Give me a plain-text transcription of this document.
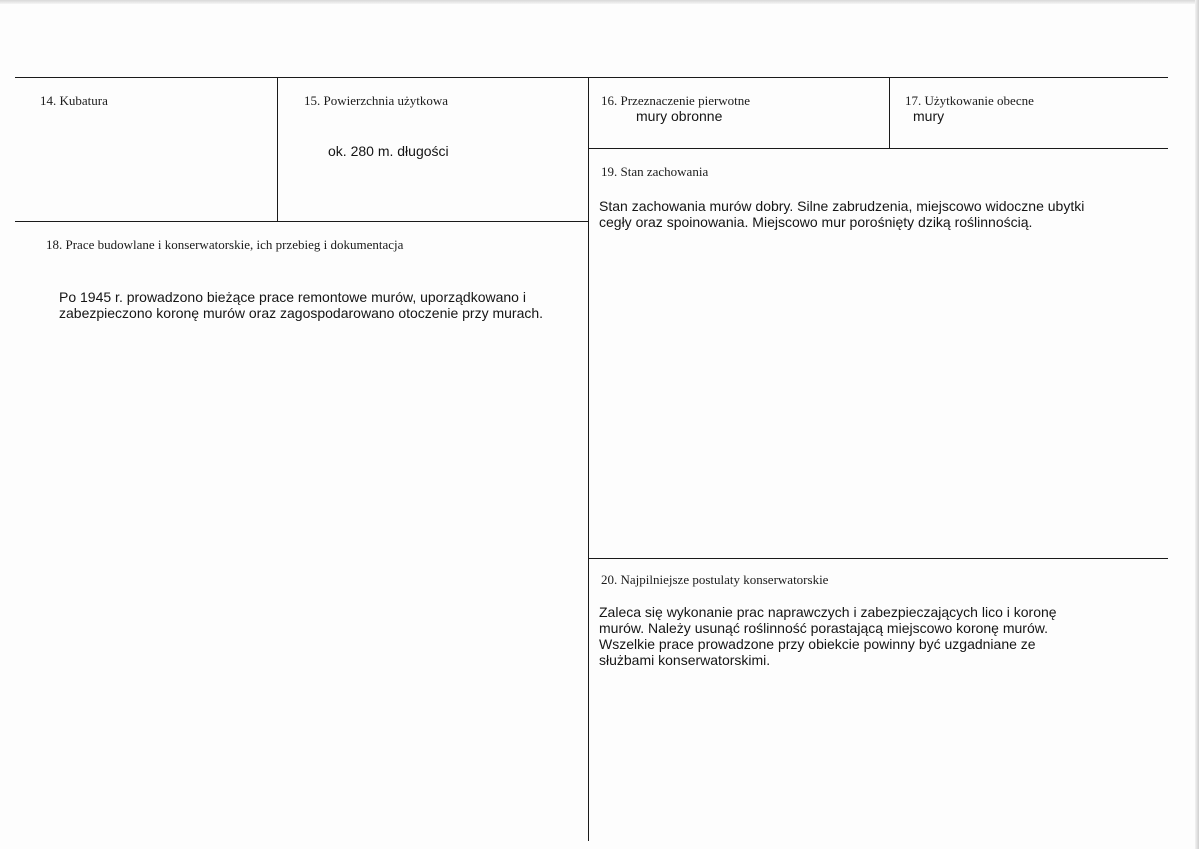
14. Kubatura	15. Powierzchnia użytkowa
ok. 280 m. długości
16. Przeznaczenie pierwotne
mury obronne
17. Użytkowanie obecne
mury
19. Stan zachowania
Stan zachowania murów dobry. Silne zabrudzenia, miejscowo widoczne ubytki
cegły oraz spoinowania. Miejscowo mur porośnięty dziką roślinnością.
18. Prace budowlane i konserwatorskie, ich przebieg i dokumentacja
Po 1945 r. prowadzono bieżące prace remontowe murów, uporządkowano i
zabezpieczono koronę murów oraz zagospodarowano otoczenie przy murach.
20. Najpilniejsze postulaty konserwatorskie
Zaleca się wykonanie prac naprawczych i zabezpieczających lico i koronę
murów. Należy usunąć roślinność porastającą miejscowo koronę murów.
Wszelkie prace prowadzone przy obiekcie powinny być uzgadniane ze
służbami konserwatorskimi.
